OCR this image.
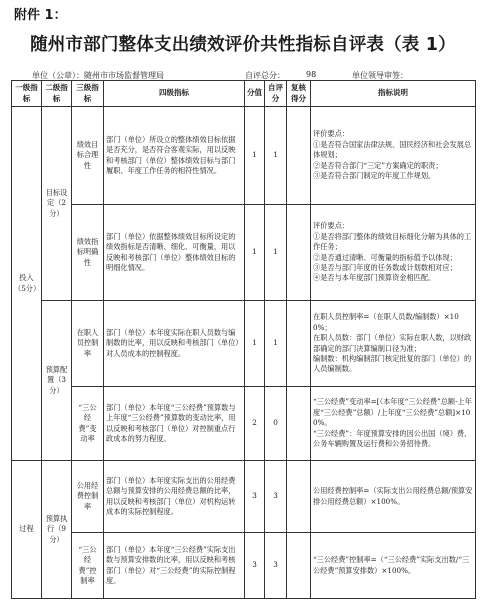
附件 1：
随州市部门整体支出绩效评价共性指标自评表（表 1）
单位（公章）：随州市市场监督管理局	自评总分：	98	单位领导审签：
一级指标	二级指标	三级指标	四级指标	分值	自评分	复核得分	指标说明
投入（5分）	目标设定（2分）	绩效目标合理性	部门（单位）所设立的整体绩效目标依据是否充分，是否符合客观实际，用以反映和考核部门（单位）整体绩效目标与部门履职、年度工作任务的相符性情况。	1	1		评价要点：

①是否符合国家法律法规、国民经济和社会发展总体规划；

②是否符合部门“三定”方案确定的职责；

③是否符合部门制定的年度工作规划。

		绩效指标明确性	部门（单位）依据整体绩效目标所设定的绩效指标是否清晰、细化、可衡量，用以反映和考核部门（单位）整体绩效目标的明细化情况。	1	1		评价要点：

①是否将部门整体的绩效目标细化分解为具体的工作任务；

②是否通过清晰、可衡量的指标值予以体现；

③是否与部门年度的任务数或计划数相对应；

④是否与本年度部门预算资金相匹配。

	预算配置（3分）	在职人员控制率	部门（单位）本年度实际在职人员数与编制数的比率，用以反映和考核部门（单位）对人员成本的控制程度。	1	1		在职人员控制率=（在职人员数/编制数）×100%；

在职人员数：部门（单位）实际在职人数，以财政部确定的部门决算编制口径为准；

编制数：机构编制部门核定批复的部门（单位）的人员编制数。

		“三公经费”变动率	部门（单位）本年度“三公经费”预算数与上年度“三公经费”预算数的变动比率，用以反映和考核部门（单位）对控制重点行政成本的努力程度。	2	0		“三公经费”变动率=[（本年度“三公经费”总额-上年度“三公经费”总额）/上年度“三公经费”总额]×100%。

“三公经费”：年度预算安排的因公出国（境）费、公务车辆购置及运行费和公务招待费。

过程	预算执行（9分）	公用经费控制率	部门（单位）本年度实际支出的公用经费总额与预算安排的公用经费总额的比率，用以反映和考核部门（单位）对机构运转成本的实际控制程度。	3	3		公用经费控制率=（实际支出公用经费总额/预算安排公用经费总额）×100%。

		“三公经费”控制率	部门（单位）本年度“三公经费”实际支出数与预算安排数的比率，用以反映和考核部门（单位）对“三公经费”的实际控制程度。	3	3		“三公经费”控制率=（“三公经费”实际支出数/“三公经费”预算安排数）×100%。
